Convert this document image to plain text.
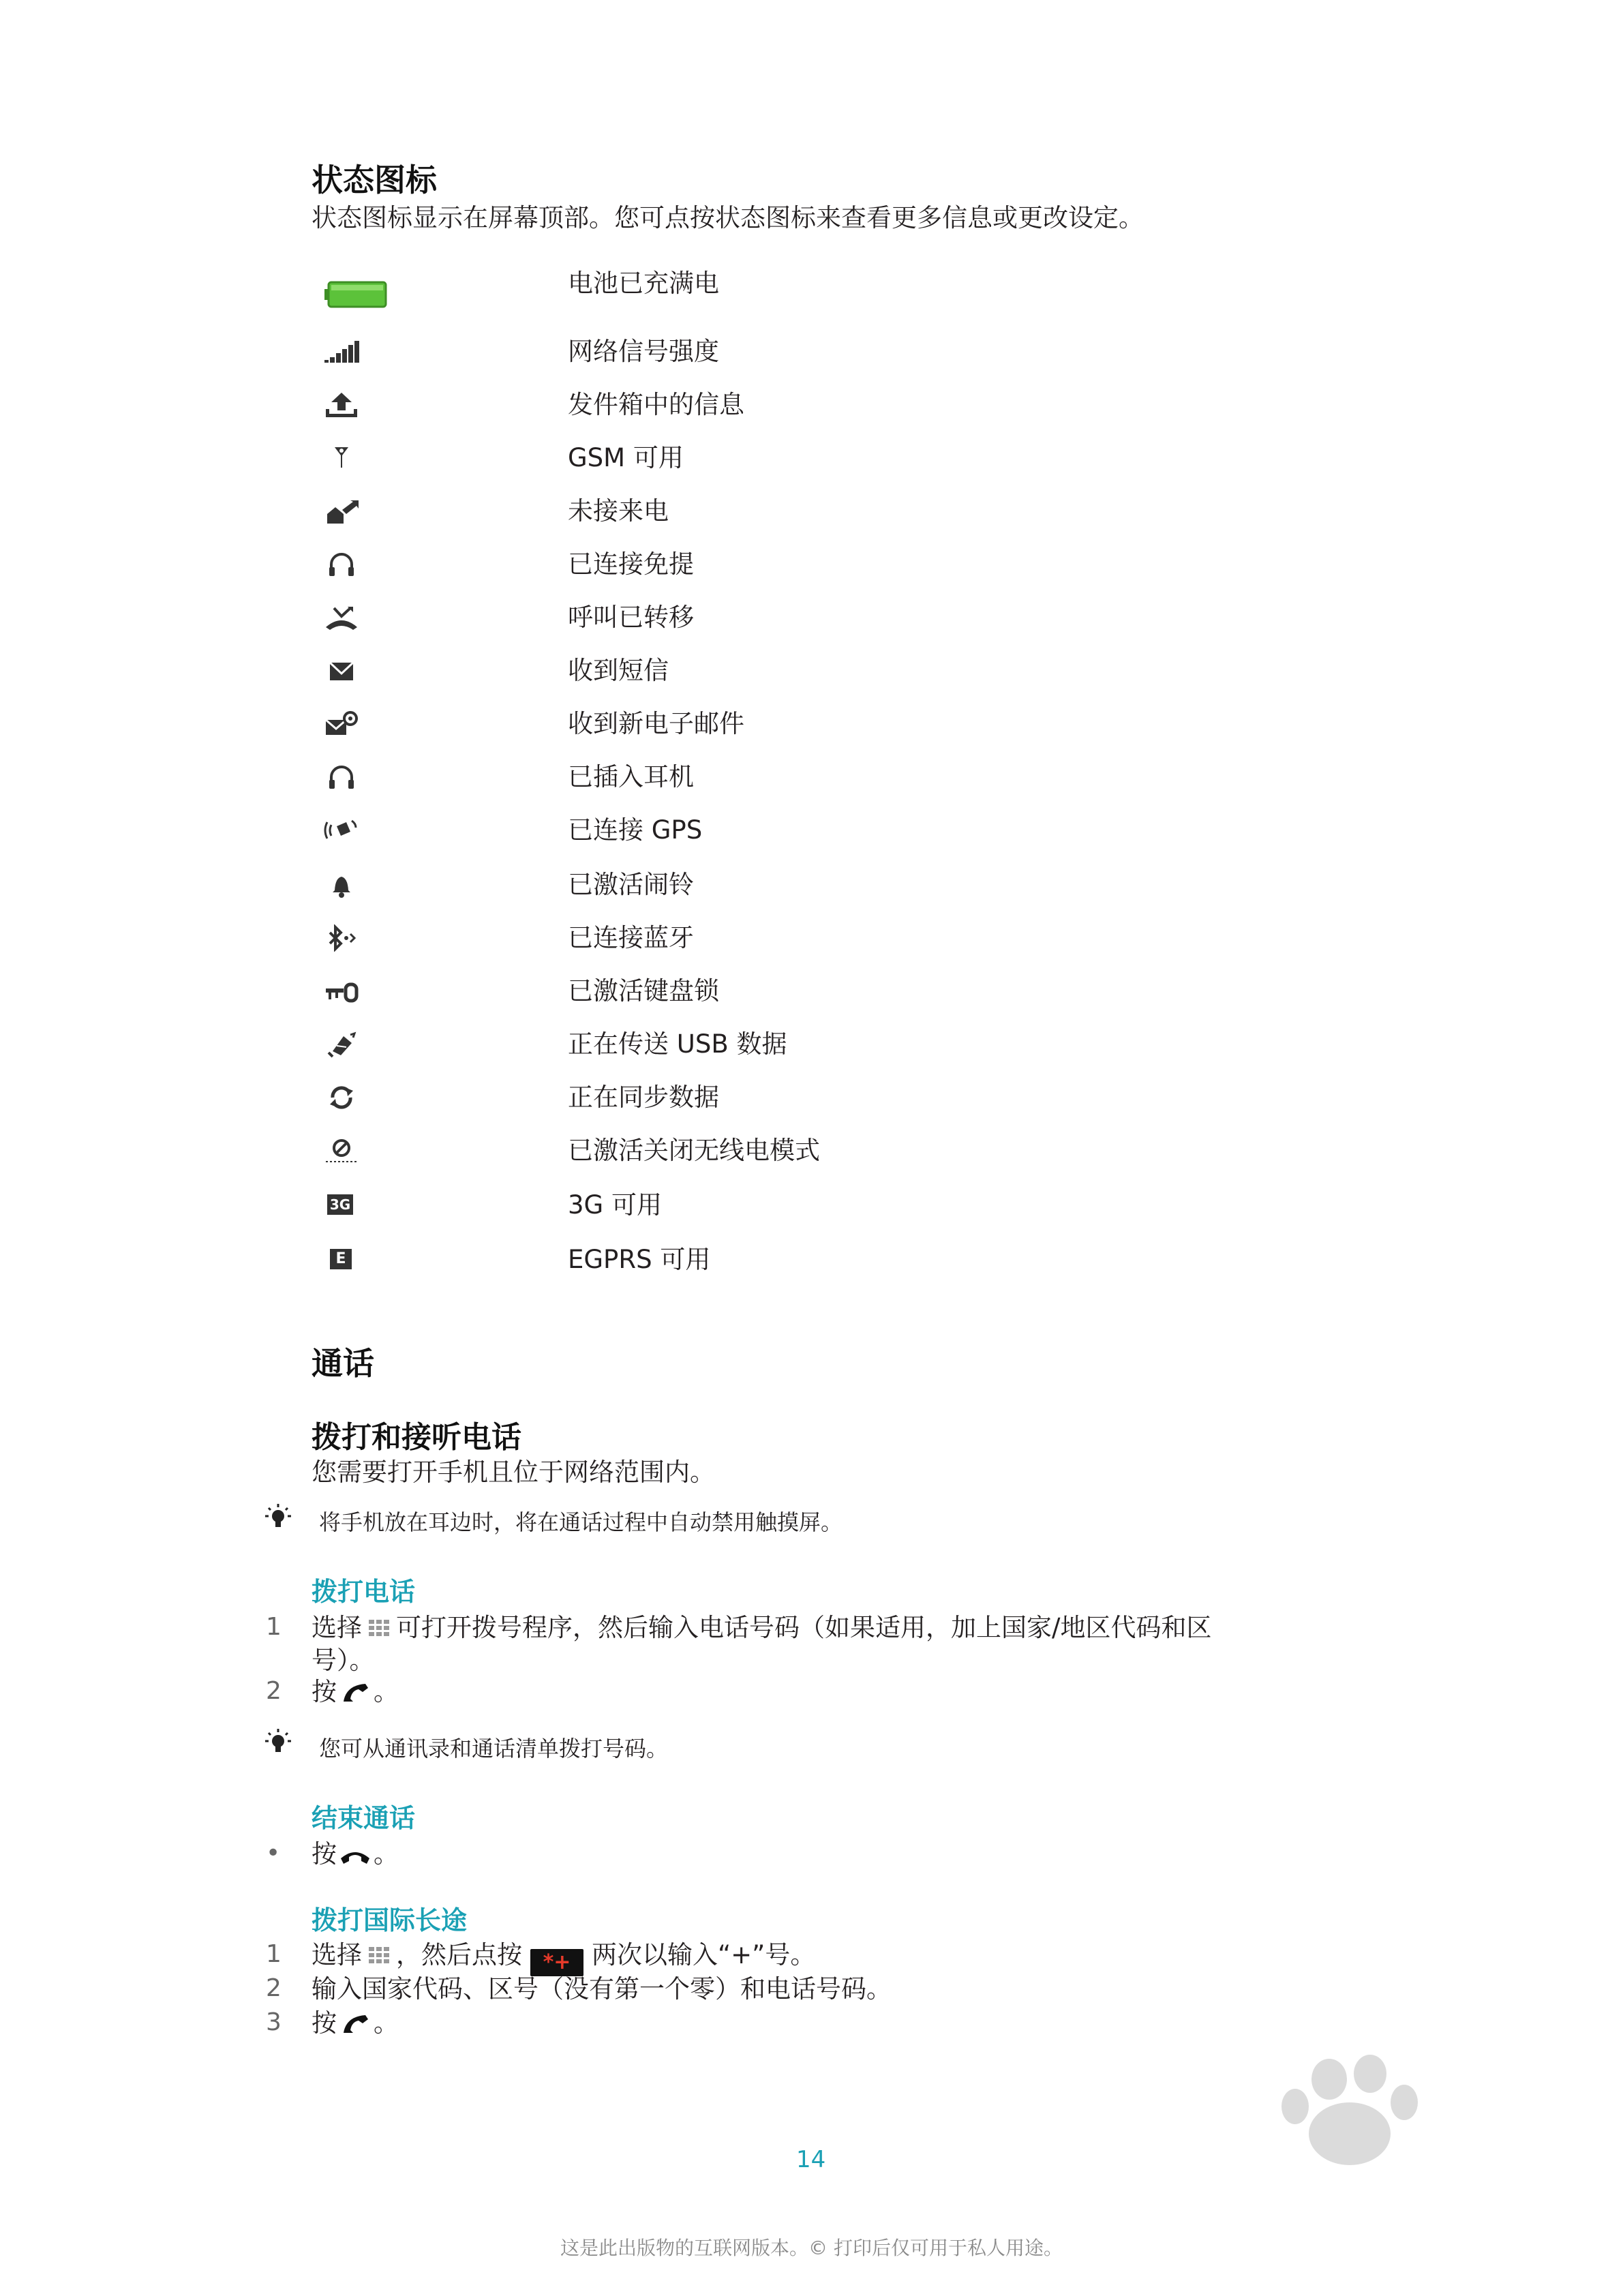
状态图标
状态图标显示在屏幕顶部。您可点按状态图标来查看更多信息或更改设定。
电池已充满电
网络信号强度
发件箱中的信息
GSM 可用
未接来电
已连接免提
呼叫已转移
收到短信
收到新电子邮件
已插入耳机
已连接 GPS
已激活闹铃
已连接蓝牙
已激活键盘锁
正在传送 USB 数据
正在同步数据
已激活关闭无线电模式
3G	3G 可用
E	EGPRS 可用
通话
拨打和接听电话
您需要打开手机且位于网络范围内。
将手机放在耳边时，将在通话过程中自动禁用触摸屏。
拨打电话
1 选择 可打开拨号程序，然后输入电话号码（如果适用，加上国家/地区代码和区
号）。
2 按 。
您可从通讯录和通话清单拨打号码。
结束通话
• 按 。
拨打国际长途
1 选择 ，然后点按 *+ 两次以输入“+”号。
2 输入国家代码、区号（没有第一个零）和电话号码。
3 按 。
14
这是此出版物的互联网版本。© 打印后仅可用于私人用途。
